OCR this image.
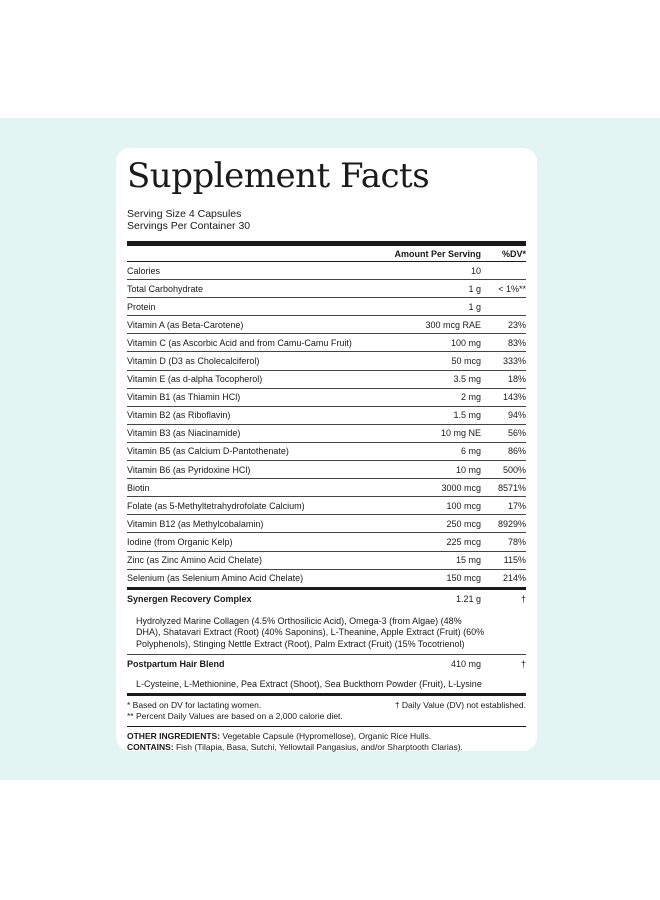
Supplement Facts
Serving Size 4 Capsules
Servings Per Container 30
Amount Per Serving	%DV*
Calories	10
Total Carbohydrate	1 g	< 1%**
Protein	1 g
Vitamin A (as Beta-Carotene)	300 mcg RAE	23%
Vitamin C (as Ascorbic Acid and from Camu-Camu Fruit)	100 mg	83%
Vitamin D (D3 as Cholecalciferol)	50 mcg	333%
Vitamin E (as d-alpha Tocopherol)	3.5 mg	18%
Vitamin B1 (as Thiamin HCl)	2 mg	143%
Vitamin B2 (as Riboflavin)	1.5 mg	94%
Vitamin B3 (as Niacinamide)	10 mg NE	56%
Vitamin B5 (as Calcium D-Pantothenate)	6 mg	86%
Vitamin B6 (as Pyridoxine HCl)	10 mg	500%
Biotin	3000 mcg	8571%
Folate (as 5-Methyltetrahydrofolate Calcium)	100 mcg	17%
Vitamin B12 (as Methylcobalamin)	250 mcg	8929%
Iodine (from Organic Kelp)	225 mcg	78%
Zinc (as Zinc Amino Acid Chelate)	15 mg	115%
Selenium (as Selenium Amino Acid Chelate)	150 mcg	214%
Synergen Recovery Complex	1.21 g	†
Hydrolyzed Marine Collagen (4.5% Orthosilicic Acid), Omega-3 (from Algae) (48% DHA), Shatavari Extract (Root) (40% Saponins), L-Theanine, Apple Extract (Fruit) (60% Polyphenols), Stinging Nettle Extract (Root), Palm Extract (Fruit) (15% Tocotrienol)
Postpartum Hair Blend	410 mg	†
L-Cysteine, L-Methionine, Pea Extract (Shoot), Sea Buckthorn Powder (Fruit), L-Lysine
* Based on DV for lactating women.	† Daily Value (DV) not established.
** Percent Daily Values are based on a 2,000 calorie diet.
OTHER INGREDIENTS: Vegetable Capsule (Hypromellose), Organic Rice Hulls.
CONTAINS: Fish (Tilapia, Basa, Sutchi, Yellowtail Pangasius, and/or Sharptooth Clarias).
